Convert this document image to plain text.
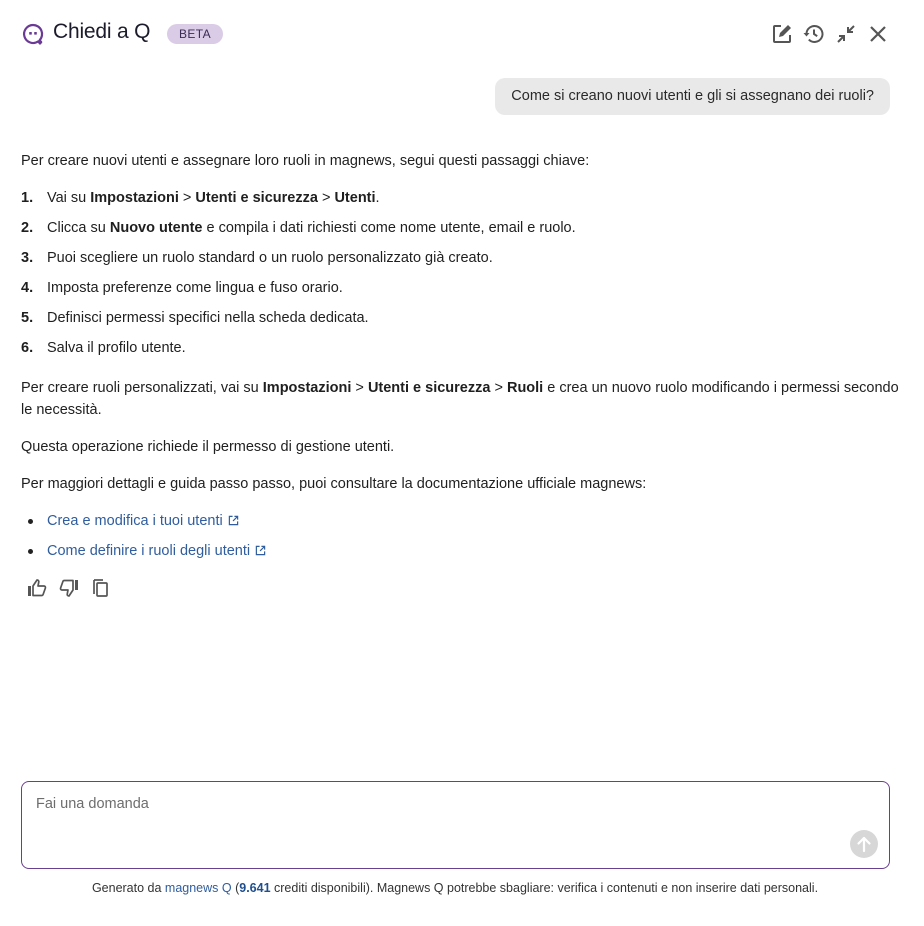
Chiedi a Q	BETA
Come si creano nuovi utenti e gli si assegnano dei ruoli?

Per creare nuovi utenti e assegnare loro ruoli in magnews, segui questi passaggi chiave:

1. Vai su Impostazioni > Utenti e sicurezza > Utenti.
2. Clicca su Nuovo utente e compila i dati richiesti come nome utente, email e ruolo.
3. Puoi scegliere un ruolo standard o un ruolo personalizzato già creato.
4. Imposta preferenze come lingua e fuso orario.
5. Definisci permessi specifici nella scheda dedicata.
6. Salva il profilo utente.

Per creare ruoli personalizzati, vai su Impostazioni > Utenti e sicurezza > Ruoli e crea un nuovo ruolo modificando i permessi secondo le necessità.

Questa operazione richiede il permesso di gestione utenti.

Per maggiori dettagli e guida passo passo, puoi consultare la documentazione ufficiale magnews:

Crea e modifica i tuoi utenti
Come definire i ruoli degli utenti
Fai una domanda
Generato da magnews Q (9.641 crediti disponibili). Magnews Q potrebbe sbagliare: verifica i contenuti e non inserire dati personali.
